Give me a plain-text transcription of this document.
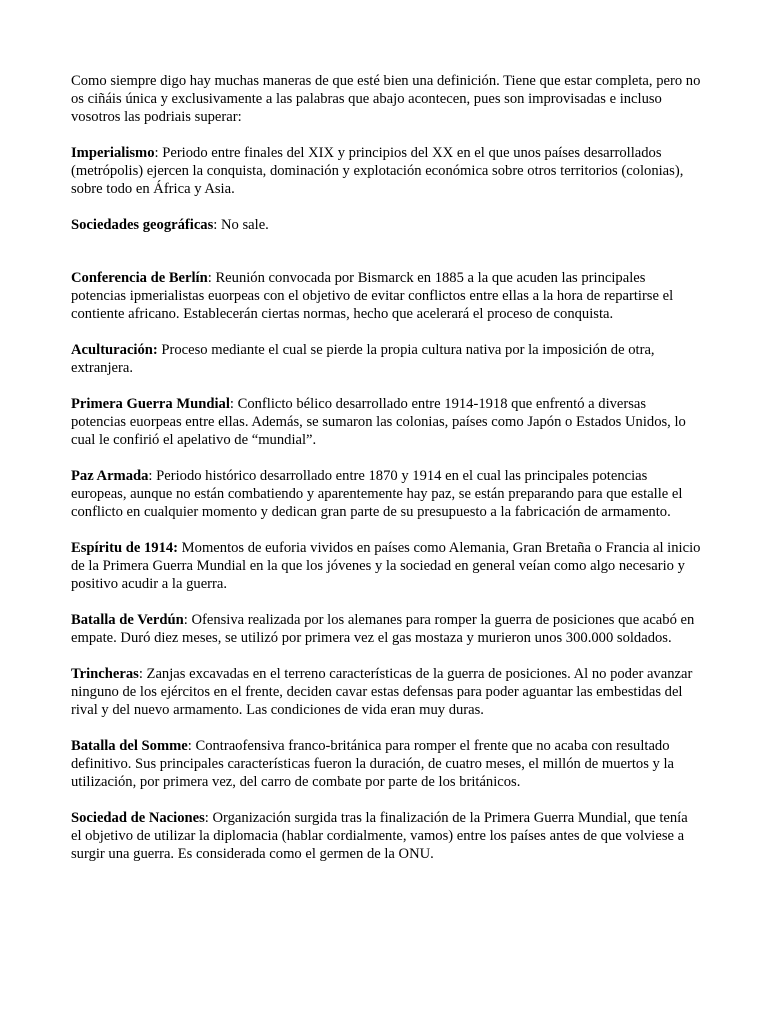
Como siempre digo hay muchas maneras de que esté bien una definición. Tiene que estar completa, pero no os ciñáis única y exclusivamente a las palabras que abajo acontecen, pues son improvisadas e incluso vosotros las podriais superar:

Imperialismo: Periodo entre finales del XIX y principios del XX en el que unos países desarrollados (metrópolis) ejercen la conquista, dominación y explotación económica sobre otros territorios (colonias), sobre todo en África y Asia.

Sociedades geográficas: No sale.

Conferencia de Berlín: Reunión convocada por Bismarck en 1885 a la que acuden las principales potencias ipmerialistas euorpeas con el objetivo de evitar conflictos entre ellas a la hora de repartirse el contiente africano. Establecerán ciertas normas, hecho que acelerará el proceso de conquista.

Aculturación: Proceso mediante el cual se pierde la propia cultura nativa por la imposición de otra, extranjera.

Primera Guerra Mundial: Conflicto bélico desarrollado entre 1914-1918 que enfrentó a diversas potencias euorpeas entre ellas. Además, se sumaron las colonias, países como Japón o Estados Unidos, lo cual le confirió el apelativo de “mundial”.

Paz Armada: Periodo histórico desarrollado entre 1870 y 1914 en el cual las principales potencias europeas, aunque no están combatiendo y aparentemente hay paz, se están preparando para que estalle el conflicto en cualquier momento y dedican gran parte de su presupuesto a la fabricación de armamento.

Espíritu de 1914: Momentos de euforia vividos en países como Alemania, Gran Bretaña o Francia al inicio de la Primera Guerra Mundial en la que los jóvenes y la sociedad en general veían como algo necesario y positivo acudir a la guerra.

Batalla de Verdún: Ofensiva realizada por los alemanes para romper la guerra de posiciones que acabó en empate. Duró diez meses, se utilizó por primera vez el gas mostaza y murieron unos 300.000 soldados.

Trincheras: Zanjas excavadas en el terreno características de la guerra de posiciones. Al no poder avanzar ninguno de los ejércitos en el frente, deciden cavar estas defensas para poder aguantar las embestidas del rival y del nuevo armamento. Las condiciones de vida eran muy duras.

Batalla del Somme: Contraofensiva franco-británica para romper el frente que no acaba con resultado definitivo. Sus principales características fueron la duración, de cuatro meses, el millón de muertos y la utilización, por primera vez, del carro de combate por parte de los británicos.

Sociedad de Naciones: Organización surgida tras la finalización de la Primera Guerra Mundial, que tenía el objetivo de utilizar la diplomacia (hablar cordialmente, vamos) entre los países antes de que volviese a surgir una guerra. Es considerada como el germen de la ONU.
